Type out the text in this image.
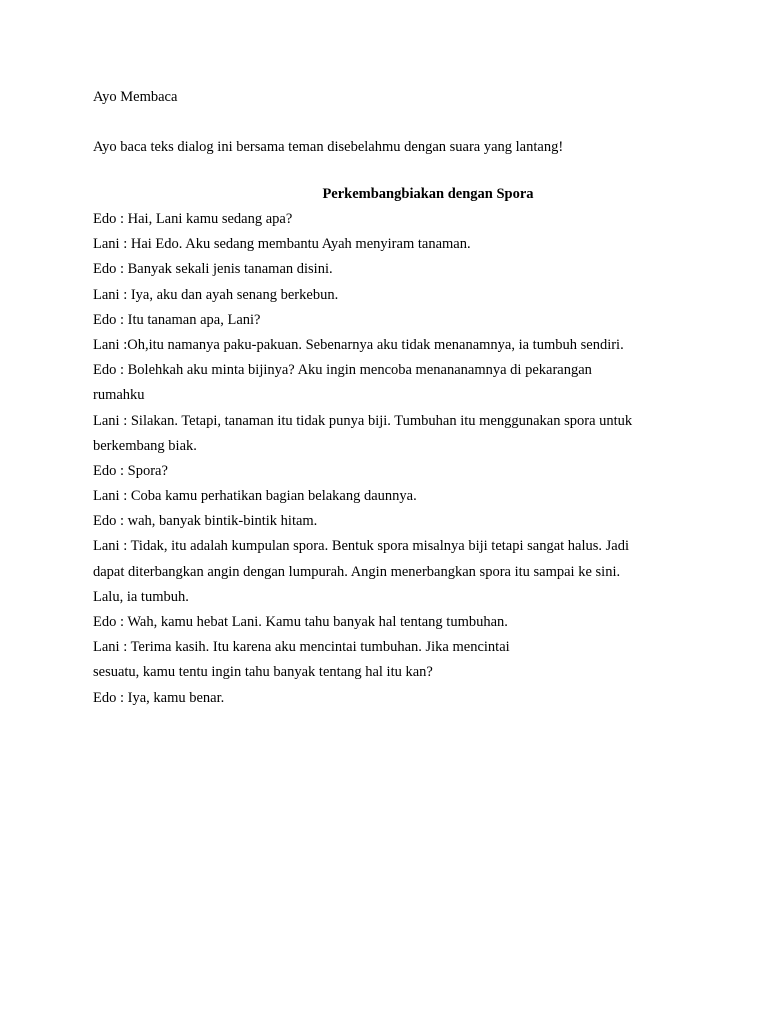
Ayo Membaca

Ayo baca teks dialog ini bersama teman disebelahmu dengan suara yang lantang!

Perkembangbiakan dengan Spora

Edo : Hai, Lani kamu sedang apa?
Lani : Hai Edo. Aku sedang membantu Ayah menyiram tanaman.
Edo : Banyak sekali jenis tanaman disini.
Lani : Iya, aku dan ayah senang berkebun.
Edo : Itu tanaman apa, Lani?
Lani :Oh,itu namanya paku-pakuan. Sebenarnya aku tidak menanamnya, ia tumbuh sendiri.
Edo : Bolehkah aku minta bijinya? Aku ingin mencoba menananamnya di pekarangan
rumahku
Lani : Silakan. Tetapi, tanaman itu tidak punya biji. Tumbuhan itu menggunakan spora untuk
berkembang biak.
Edo : Spora?
Lani : Coba kamu perhatikan bagian belakang daunnya.
Edo : wah, banyak bintik-bintik hitam.
Lani : Tidak, itu adalah kumpulan spora. Bentuk spora misalnya biji tetapi sangat halus. Jadi
dapat diterbangkan angin dengan lumpurah. Angin menerbangkan spora itu sampai ke sini.
Lalu, ia tumbuh.
Edo : Wah, kamu hebat Lani. Kamu tahu banyak hal tentang tumbuhan.
Lani : Terima kasih. Itu karena aku mencintai tumbuhan. Jika mencintai
sesuatu, kamu tentu ingin tahu banyak tentang hal itu kan?
Edo : Iya, kamu benar.
